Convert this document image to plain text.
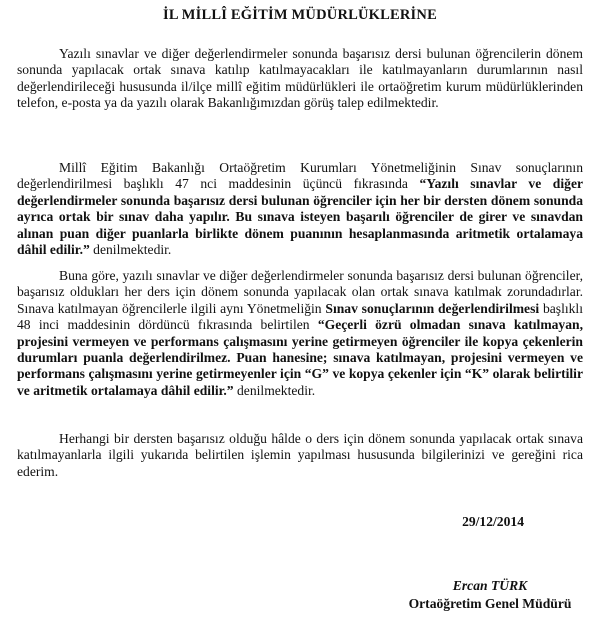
İL MİLLÎ EĞİTİM MÜDÜRLÜKLERİNE

Yazılı sınavlar ve diğer değerlendirmeler sonunda başarısız dersi bulunan öğrencilerin dönem sonunda yapılacak ortak sınava katılıp katılmayacakları ile katılmayanların durumlarının nasıl değerlendirileceği hususunda il/ilçe millî eğitim müdürlükleri ile ortaöğretim kurum müdürlüklerinden telefon, e-posta ya da yazılı olarak Bakanlığımızdan görüş talep edilmektedir.

Millî Eğitim Bakanlığı Ortaöğretim Kurumları Yönetmeliğinin Sınav sonuçlarının değerlendirilmesi başlıklı 47 nci maddesinin üçüncü fıkrasında “Yazılı sınavlar ve diğer değerlendirmeler sonunda başarısız dersi bulunan öğrenciler için her bir dersten dönem sonunda ayrıca ortak bir sınav daha yapılır. Bu sınava isteyen başarılı öğrenciler de girer ve sınavdan alınan puan diğer puanlarla birlikte dönem puanının hesaplanmasında aritmetik ortalamaya dâhil edilir.” denilmektedir.

Buna göre, yazılı sınavlar ve diğer değerlendirmeler sonunda başarısız dersi bulunan öğrenciler, başarısız oldukları her ders için dönem sonunda yapılacak olan ortak sınava katılmak zorundadırlar. Sınava katılmayan öğrencilerle ilgili aynı Yönetmeliğin Sınav sonuçlarının değerlendirilmesi başlıklı 48 inci maddesinin dördüncü fıkrasında belirtilen “Geçerli özrü olmadan sınava katılmayan, projesini vermeyen ve performans çalışmasını yerine getirmeyen öğrenciler ile kopya çekenlerin durumları puanla değerlendirilmez. Puan hanesine; sınava katılmayan, projesini vermeyen ve performans çalışmasını yerine getirmeyenler için “G” ve kopya çekenler için “K” olarak belirtilir ve aritmetik ortalamaya dâhil edilir.” denilmektedir.

Herhangi bir dersten başarısız olduğu hâlde o ders için dönem sonunda yapılacak ortak sınava katılmayanlarla ilgili yukarıda belirtilen işlemin yapılması hususunda bilgilerinizi ve gereğini rica ederim.

29/12/2014
Ercan TÜRK
Ortaöğretim Genel Müdürü
